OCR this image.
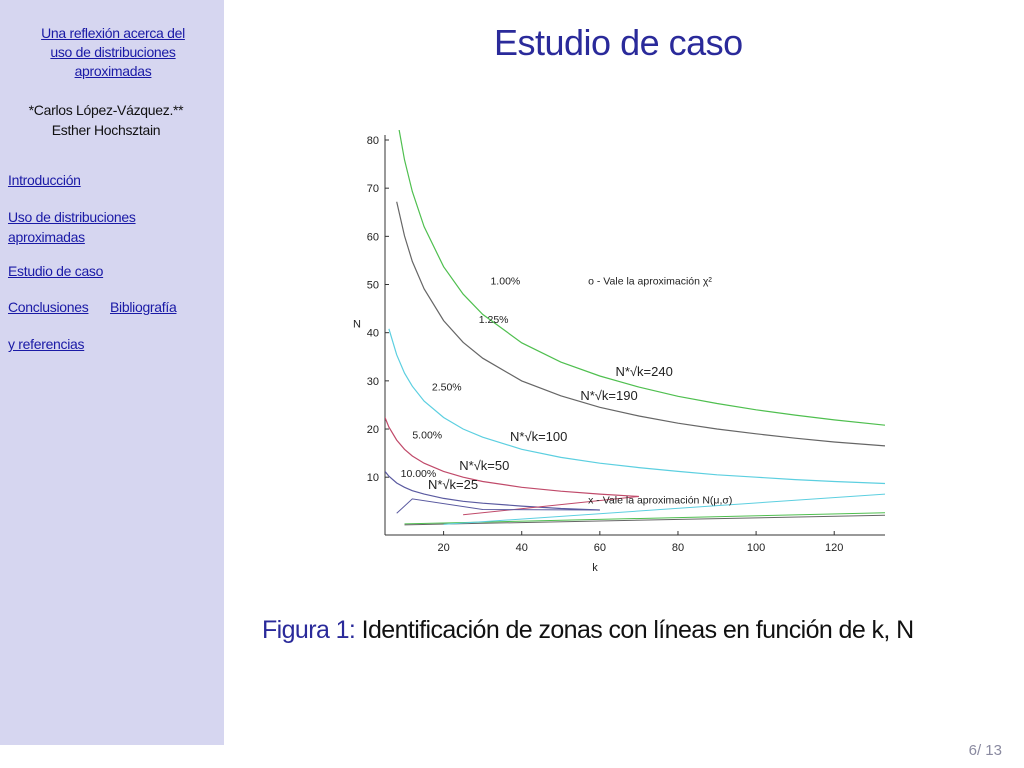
Una reflexión acerca del
uso de distribuciones
aproximadas
*Carlos López-Vázquez.**
Esther Hochsztain
Introducción
Uso de distribuciones
aproximadas
Estudio de caso
Conclusiones Bibliografía
y referencias
Estudio de caso
20	40	60	80	100	120
10
20
30
40
50
60
70
80
k
N
1.00%
1.25%
2.50%
5.00%
10.00%
o - Vale la aproximación χ²
x - Vale la aproximación N(μ,σ)
N*√k=240
N*√k=190
N*√k=100
N*√k=50
N*√k=25
Figura 1: Identificación de zonas con líneas en función de k, N
6/ 13
